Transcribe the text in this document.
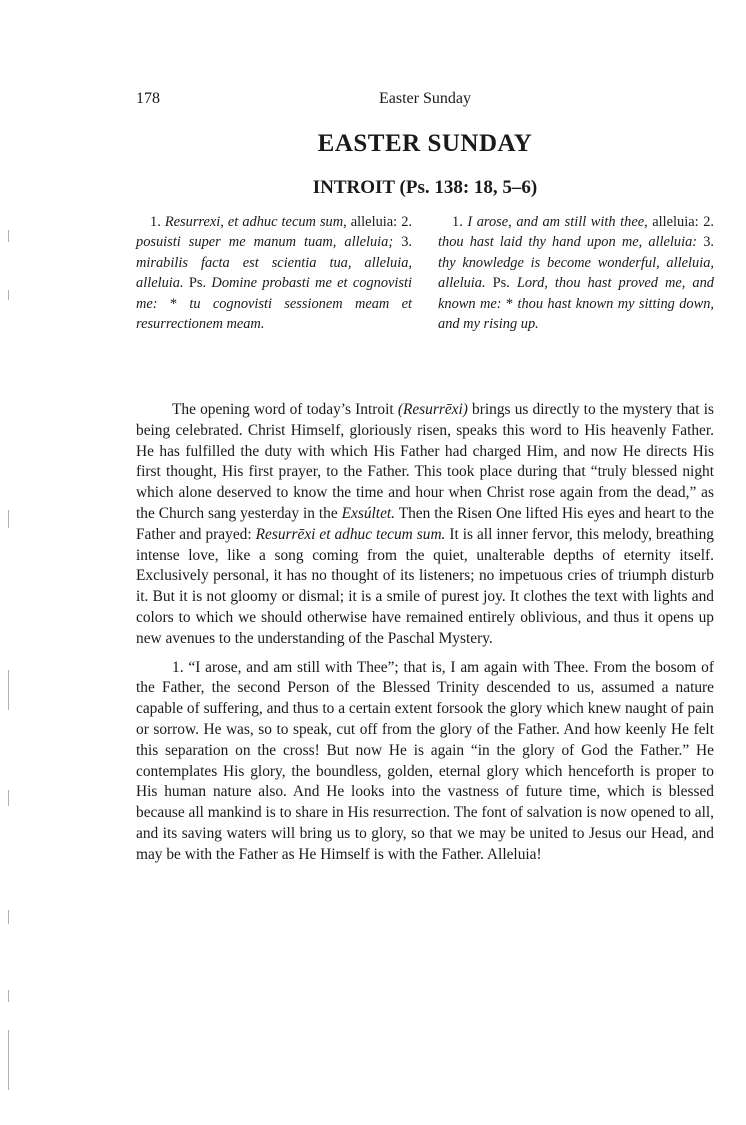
178	Easter Sunday
EASTER SUNDAY
INTROIT (Ps. 138: 18, 5–6)

1. Resurrexi, et adhuc tecum sum, alleluia: 2. posuisti super me manum tuam, alleluia; 3. mirabilis facta est scientia tua, alleluia, alleluia. Ps. Domine probasti me et cognovisti me: * tu cognovisti sessionem meam et resurrectionem meam.

1. I arose, and am still with thee, alleluia: 2. thou hast laid thy hand upon me, alleluia: 3. thy knowledge is become wonderful, alleluia, alleluia. Ps. Lord, thou hast proved me, and known me: * thou hast known my sitting down, and my rising up.

The opening word of today’s Introit (Resurrēxi) brings us directly to the mystery that is being celebrated. Christ Himself, gloriously risen, speaks this word to His heavenly Father. He has fulfilled the duty with which His Father had charged Him, and now He directs His first thought, His first prayer, to the Father. This took place during that “truly blessed night which alone deserved to know the time and hour when Christ rose again from the dead,” as the Church sang yesterday in the Exsúltet. Then the Risen One lifted His eyes and heart to the Father and prayed: Resurrēxi et adhuc tecum sum. It is all inner fervor, this melody, breathing intense love, like a song coming from the quiet, unalterable depths of eternity itself. Exclusively personal, it has no thought of its listeners; no impetuous cries of triumph disturb it. But it is not gloomy or dismal; it is a smile of purest joy. It clothes the text with lights and colors to which we should otherwise have remained entirely oblivious, and thus it opens up new avenues to the understanding of the Paschal Mystery.

1. “I arose, and am still with Thee”; that is, I am again with Thee. From the bosom of the Father, the second Person of the Blessed Trinity descended to us, assumed a nature capable of suffering, and thus to a certain extent forsook the glory which knew naught of pain or sorrow. He was, so to speak, cut off from the glory of the Father. And how keenly He felt this separation on the cross! But now He is again “in the glory of God the Father.” He contemplates His glory, the boundless, golden, eternal glory which henceforth is proper to His human nature also. And He looks into the vastness of future time, which is blessed because all mankind is to share in His resurrection. The font of salvation is now opened to all, and its saving waters will bring us to glory, so that we may be united to Jesus our Head, and may be with the Father as He Himself is with the Father. Alleluia!
